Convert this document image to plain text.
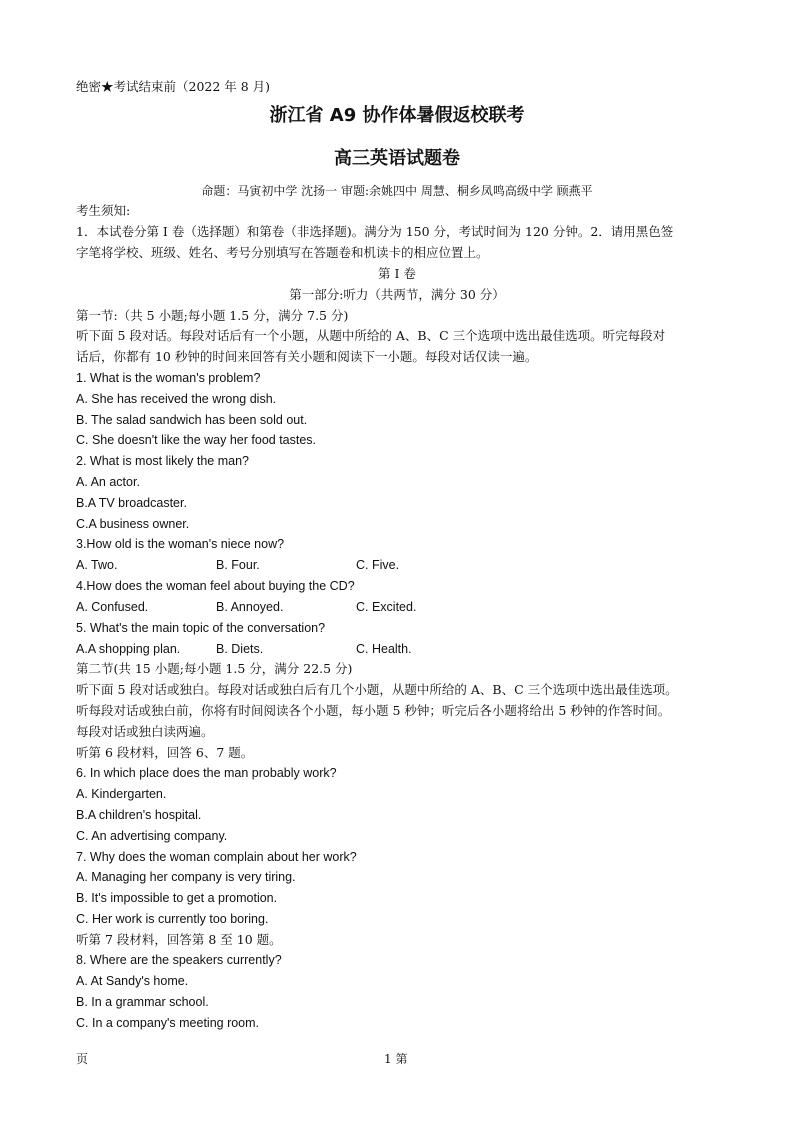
绝密★考试结束前（2022 年 8 月)
浙江省 A9 协作体暑假返校联考
高三英语试题卷
命题：马寅初中学 沈扬一 审题:余姚四中 周慧、桐乡凤鸣高级中学 顾燕平
考生须知:
1．本试卷分第 I 卷（选择题）和第卷（非选择题)。满分为 150 分，考试时间为 120 分钟。2．请用黑色签
字笔将学校、班级、姓名、考号分别填写在答题卷和机读卡的相应位置上。
第 I 卷
第一部分:听力（共两节，满分 30 分）
第一节:（共 5 小题;每小题 1.5 分，满分 7.5 分)
听下面 5 段对话。每段对话后有一个小题，从题中所给的 A、B、C 三个选项中选出最佳选项。听完每段对
话后，你都有 10 秒钟的时间来回答有关小题和阅读下一小题。每段对话仅读一遍。
1. What is the woman's problem?
A. She has received the wrong dish.
B. The salad sandwich has been sold out.
C. She doesn't like the way her food tastes.
2. What is most likely the man?
A. An actor.
B.A TV broadcaster.
C.A business owner.
3.How old is the woman's niece now?
A. Two.	B. Four.	C. Five.
4.How does the woman feel about buying the CD?
A. Confused.	B. Annoyed.	C. Excited.
5. What's the main topic of the conversation?
A.A shopping plan.	B. Diets.	C. Health.
第二节(共 15 小题;每小题 1.5 分，满分 22.5 分)
听下面 5 段对话或独白。每段对话或独白后有几个小题，从题中所给的 A、B、C 三个选项中选出最佳选项。
听每段对话或独白前，你将有时间阅读各个小题，每小题 5 秒钟；听完后各小题将给出 5 秒钟的作答时间。
每段对话或独白读两遍。
听第 6 段材料，回答 6、7 题。
6. In which place does the man probably work?
A. Kindergarten.
B.A children's hospital.
C. An advertising company.
7. Why does the woman complain about her work?
A. Managing her company is very tiring.
B. It's impossible to get a promotion.
C. Her work is currently too boring.
听第 7 段材料，回答第 8 至 10 题。
8. Where are the speakers currently?
A. At Sandy's home.
B. In a grammar school.
C. In a company's meeting room.
页	1 第
